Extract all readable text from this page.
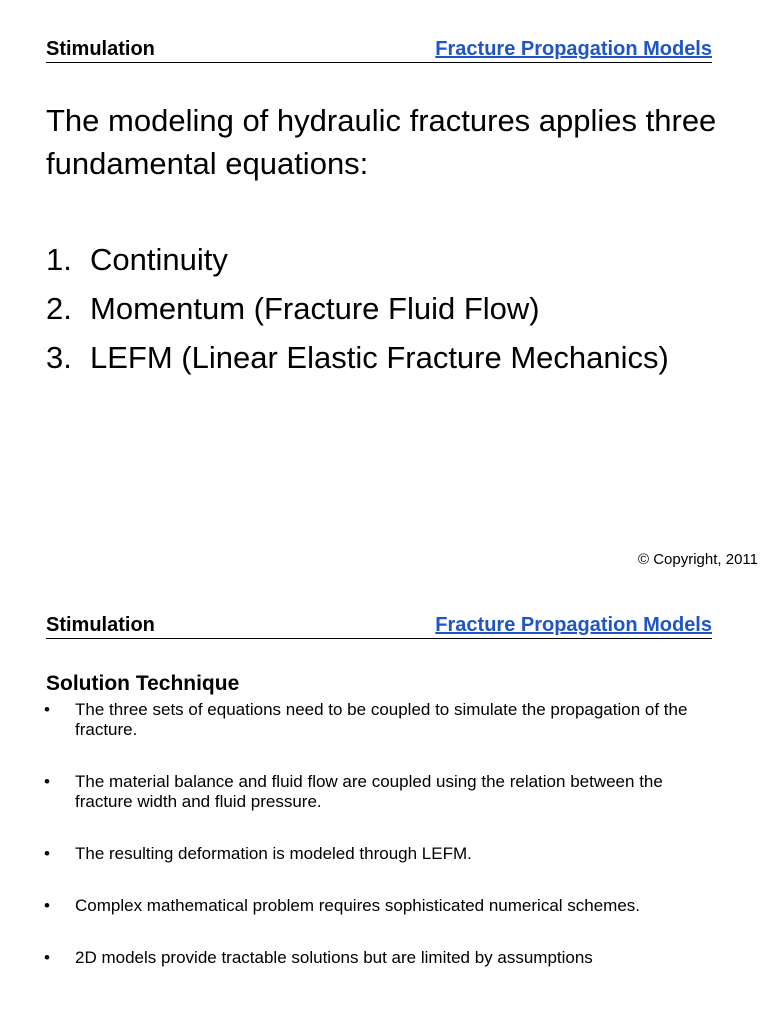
Stimulation	Fracture Propagation Models

The modeling of hydraulic fractures applies three fundamental equations:

1. Continuity
2. Momentum (Fracture Fluid Flow)
3. LEFM (Linear Elastic Fracture Mechanics)
© Copyright, 2011
Stimulation	Fracture Propagation Models
Solution Technique
• The three sets of equations need to be coupled to simulate the propagation of the fracture.
• The material balance and fluid flow are coupled using the relation between the fracture width and fluid pressure.
• The resulting deformation is modeled through LEFM.
• Complex mathematical problem requires sophisticated numerical schemes.
• 2D models provide tractable solutions but are limited by assumptions
